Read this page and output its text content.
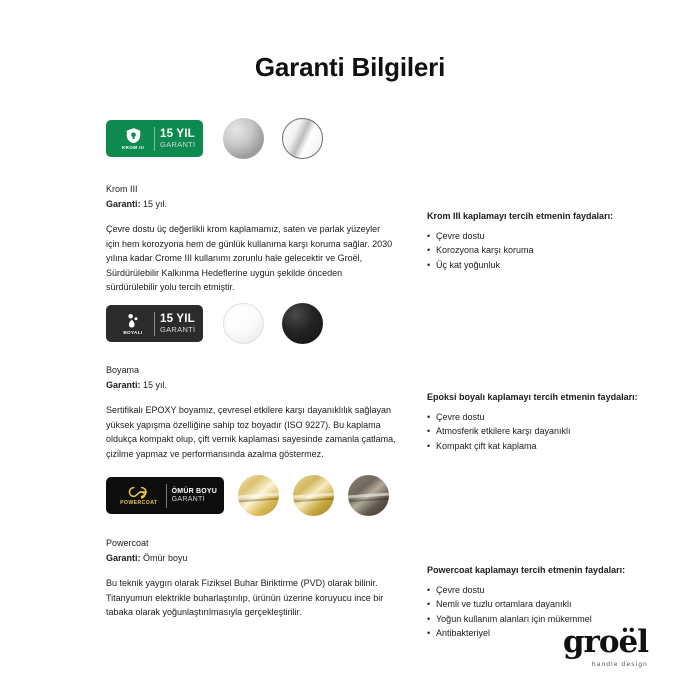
Garanti Bilgileri
KROM III
15 YIL
GARANTİ
Krom III
Garanti: 15 yıl.
Çevre dostu üç değerlikli krom kaplamamız, saten ve parlak yüzeyler için hem korozyona hem de günlük kullanıma karşı koruma sağlar. 2030 yılına kadar Crome III kullanımı zorunlu hale gelecektir ve Groël, Sürdürülebilir Kalkınma Hedeflerine uygun şekilde önceden sürdürülebilir yolu tercih etmiştir.
Krom III kaplamayı tercih etmenin faydaları:
• Çevre dostu
• Korozyona karşı koruma
• Üç kat yoğunluk
BOYALI
15 YIL
GARANTİ
Boyama
Garanti: 15 yıl.
Sertifikalı EPOXY boyamız, çevresel etkilere karşı dayanıklılık sağlayan yüksek yapışma özelliğine sahip toz boyadır (ISO 9227). Bu kaplama oldukça kompakt olup, çift vernik kaplaması sayesinde zamanla çatlama, çizilme yapmaz ve performansında azalma göstermez.
Epoksi boyalı kaplamayı tercih etmenin faydaları:
• Çevre dostu
• Atmosferik etkilere karşı dayanıklı
• Kompakt çift kat kaplama
POWERCOAT
ÖMÜR BOYU
GARANTİ
Powercoat
Garanti: Ömür boyu
Bu teknik yaygın olarak Fiziksel Buhar Biriktirme (PVD) olarak bilinir. Titanyumun elektrikle buharlaştırılıp, ürünün üzerine koruyucu ince bir tabaka olarak yoğunlaştırılmasıyla gerçekleştirilir.
Powercoat kaplamayı tercih etmenin faydaları:
• Çevre dostu
• Nemli ve tuzlu ortamlara dayanıklı
• Yoğun kullanım alanları için mükemmel
• Antibakteriyel	groël
handle design
